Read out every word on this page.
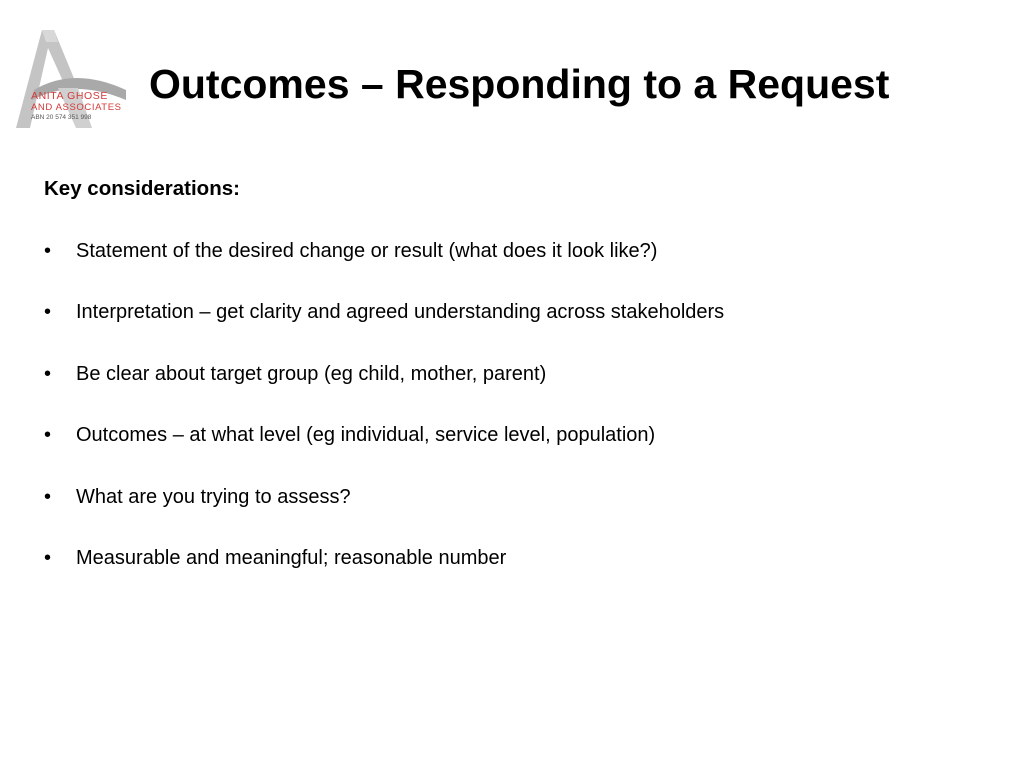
ANITA GHOSE
AND ASSOCIATES
ABN 20 574 351 998
Outcomes – Responding to a Request
Key considerations:
•	Statement of the desired change or result (what does it look like?)
•	Interpretation – get clarity and agreed understanding across stakeholders
•	Be clear about target group (eg child, mother, parent)
•	Outcomes – at what level (eg individual, service level, population)
•	What are you trying to assess?
•	Measurable and meaningful; reasonable number
